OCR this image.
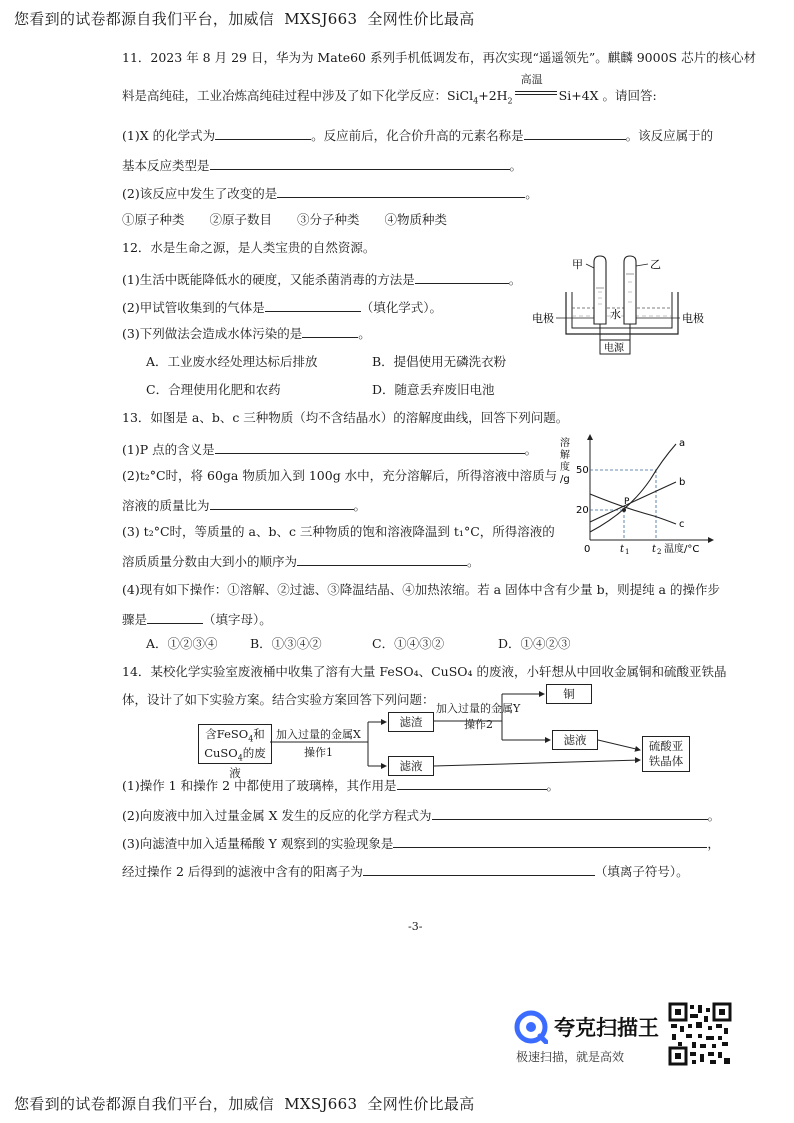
您看到的试卷都源自我们平台，加威信  MXSJ663  全网性价比最高
11．2023 年 8 月 29 日，华为为 Mate60 系列手机低调发布，再次实现“遥遥领先”。麒麟 9000S 芯片的核心材
料是高纯硅，工业冶炼高纯硅过程中涉及了如下化学反应：$SiCl_4+2H_2$
高温
Si+4X 。请回答:
(1)X 的化学式为	。反应前后，化合价升高的元素名称是	。该反应属于的
基本反应类型是	。
(2)该反应中发生了改变的是	。
①原子种类　　②原子数目　　③分子种类　　④物质种类
12．水是生命之源，是人类宝贵的自然资源。
(1)生活中既能降低水的硬度，又能杀菌消毒的方法是	。
(2)甲试管收集到的气体是	（填化学式）。
(3)下列做法会造成水体污染的是	。
A．工业废水经处理达标后排放	B．提倡使用无磷洗衣粉
C．合理使用化肥和农药	D．随意丢弃废旧电池
甲	乙
电极	电极
水
电源
13．如图是 a、b、c 三种物质（均不含结晶水）的溶解度曲线，回答下列问题。
(1)P 点的含义是	。
(2)t₂°C时，将 60ga 物质加入到 100g 水中，充分溶解后，所得溶液中溶质与
溶液的质量比为	。
(3) t₂°C时，等质量的 a、b、c 三种物质的饱和溶液降温到 t₁°C，所得溶液的
溶质质量分数由大到小的顺序为	。
(4)现有如下操作：①溶解、②过滤、③降温结晶、④加热浓缩。若 a 固体中含有少量 b，则提纯 a 的操作步
骤是	（填字母）。
A．①②③④	B．①③④②	C．①④③②	D．①④②③
溶
解
度
/g
50
20
0	t 1 t 2 温度/°C
a
b
c
P
14．某校化学实验室废液桶中收集了溶有大量 FeSO₄、CuSO₄ 的废液，小轩想从中回收金属铜和硫酸亚铁晶
体，设计了如下实验方案。结合实验方案回答下列问题：
含FeSO$_4$和
CuSO$_4$的废液
加入过量的金属X
操作1
滤渣
滤液
加入过量的金属Y
操作2
铜
滤液	硫酸亚
铁晶体
(1)操作 1 和操作 2 中都使用了玻璃棒，其作用是	。
(2)向废液中加入过量金属 X 发生的反应的化学方程式为	。
(3)向滤渣中加入适量稀酸 Y 观察到的实验现象是	，
经过操作 2 后得到的滤液中含有的阳离子为	（填离子符号）。
-3-
夸克扫描王
极速扫描，就是高效
您看到的试卷都源自我们平台，加威信  MXSJ663  全网性价比最高
